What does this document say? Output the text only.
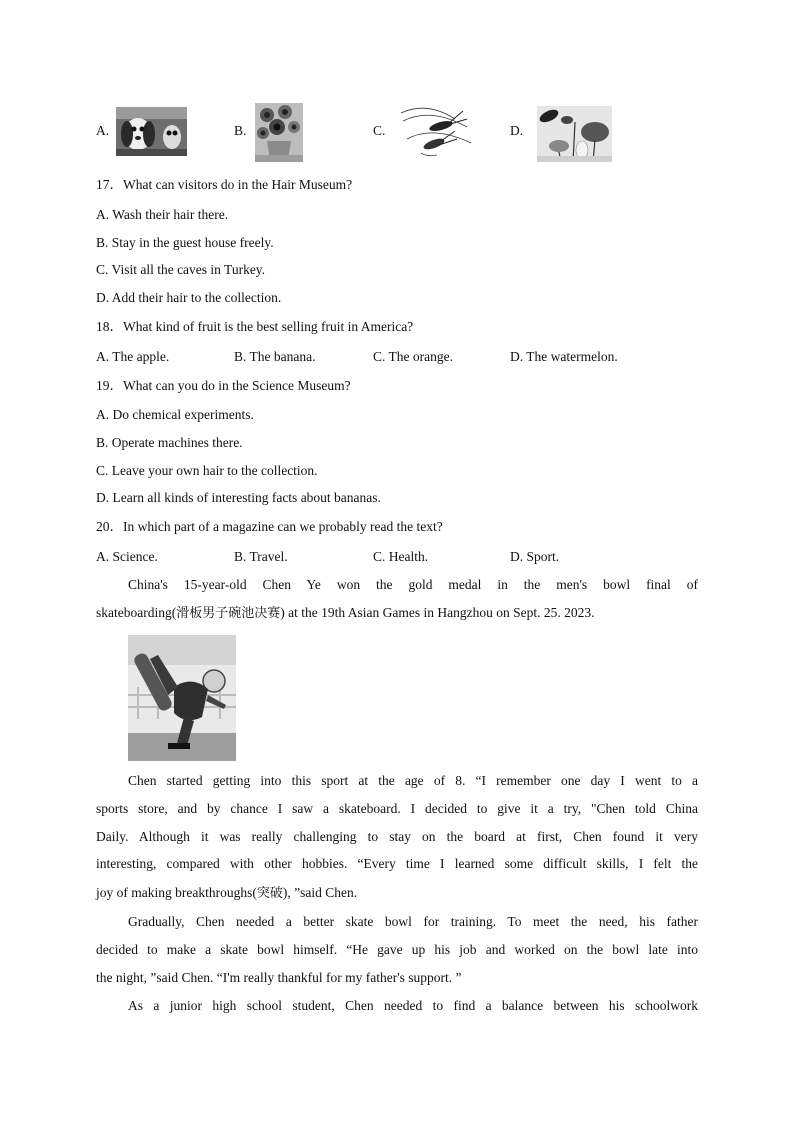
A.	B.	C.	D.
17．What can visitors do in the Hair Museum?
A. Wash their hair there.
B. Stay in the guest house freely.
C. Visit all the caves in Turkey.
D. Add their hair to the collection.
18．What kind of fruit is the best selling fruit in America?
A. The apple.	B. The banana.	C. The orange.	D. The watermelon.
19．What can you do in the Science Museum?
A. Do chemical experiments.
B. Operate machines there.
C. Leave your own hair to the collection.
D. Learn all kinds of interesting facts about bananas.
20．In which part of a magazine can we probably read the text?
A. Science.	B. Travel.	C. Health.	D. Sport.
China's 15-year-old Chen Ye won the gold medal in the men's bowl final of
skateboarding(滑板男子碗池决赛) at the 19th Asian Games in Hangzhou on Sept. 25. 2023.
Chen started getting into this sport at the age of 8. “I remember one day I went to a
sports store, and by chance I saw a skateboard. I decided to give it a try, "Chen told China
Daily. Although it was really challenging to stay on the board at first, Chen found it very
interesting, compared with other hobbies. “Every time I learned some difficult skills, I felt the
joy of making breakthroughs(突破), ”said Chen.
Gradually, Chen needed a better skate bowl for training. To meet the need, his father
decided to make a skate bowl himself. “He gave up his job and worked on the bowl late into
the night, ”said Chen. “I'm really thankful for my father's support. ”
As a junior high school student, Chen needed to find a balance between his schoolwork
